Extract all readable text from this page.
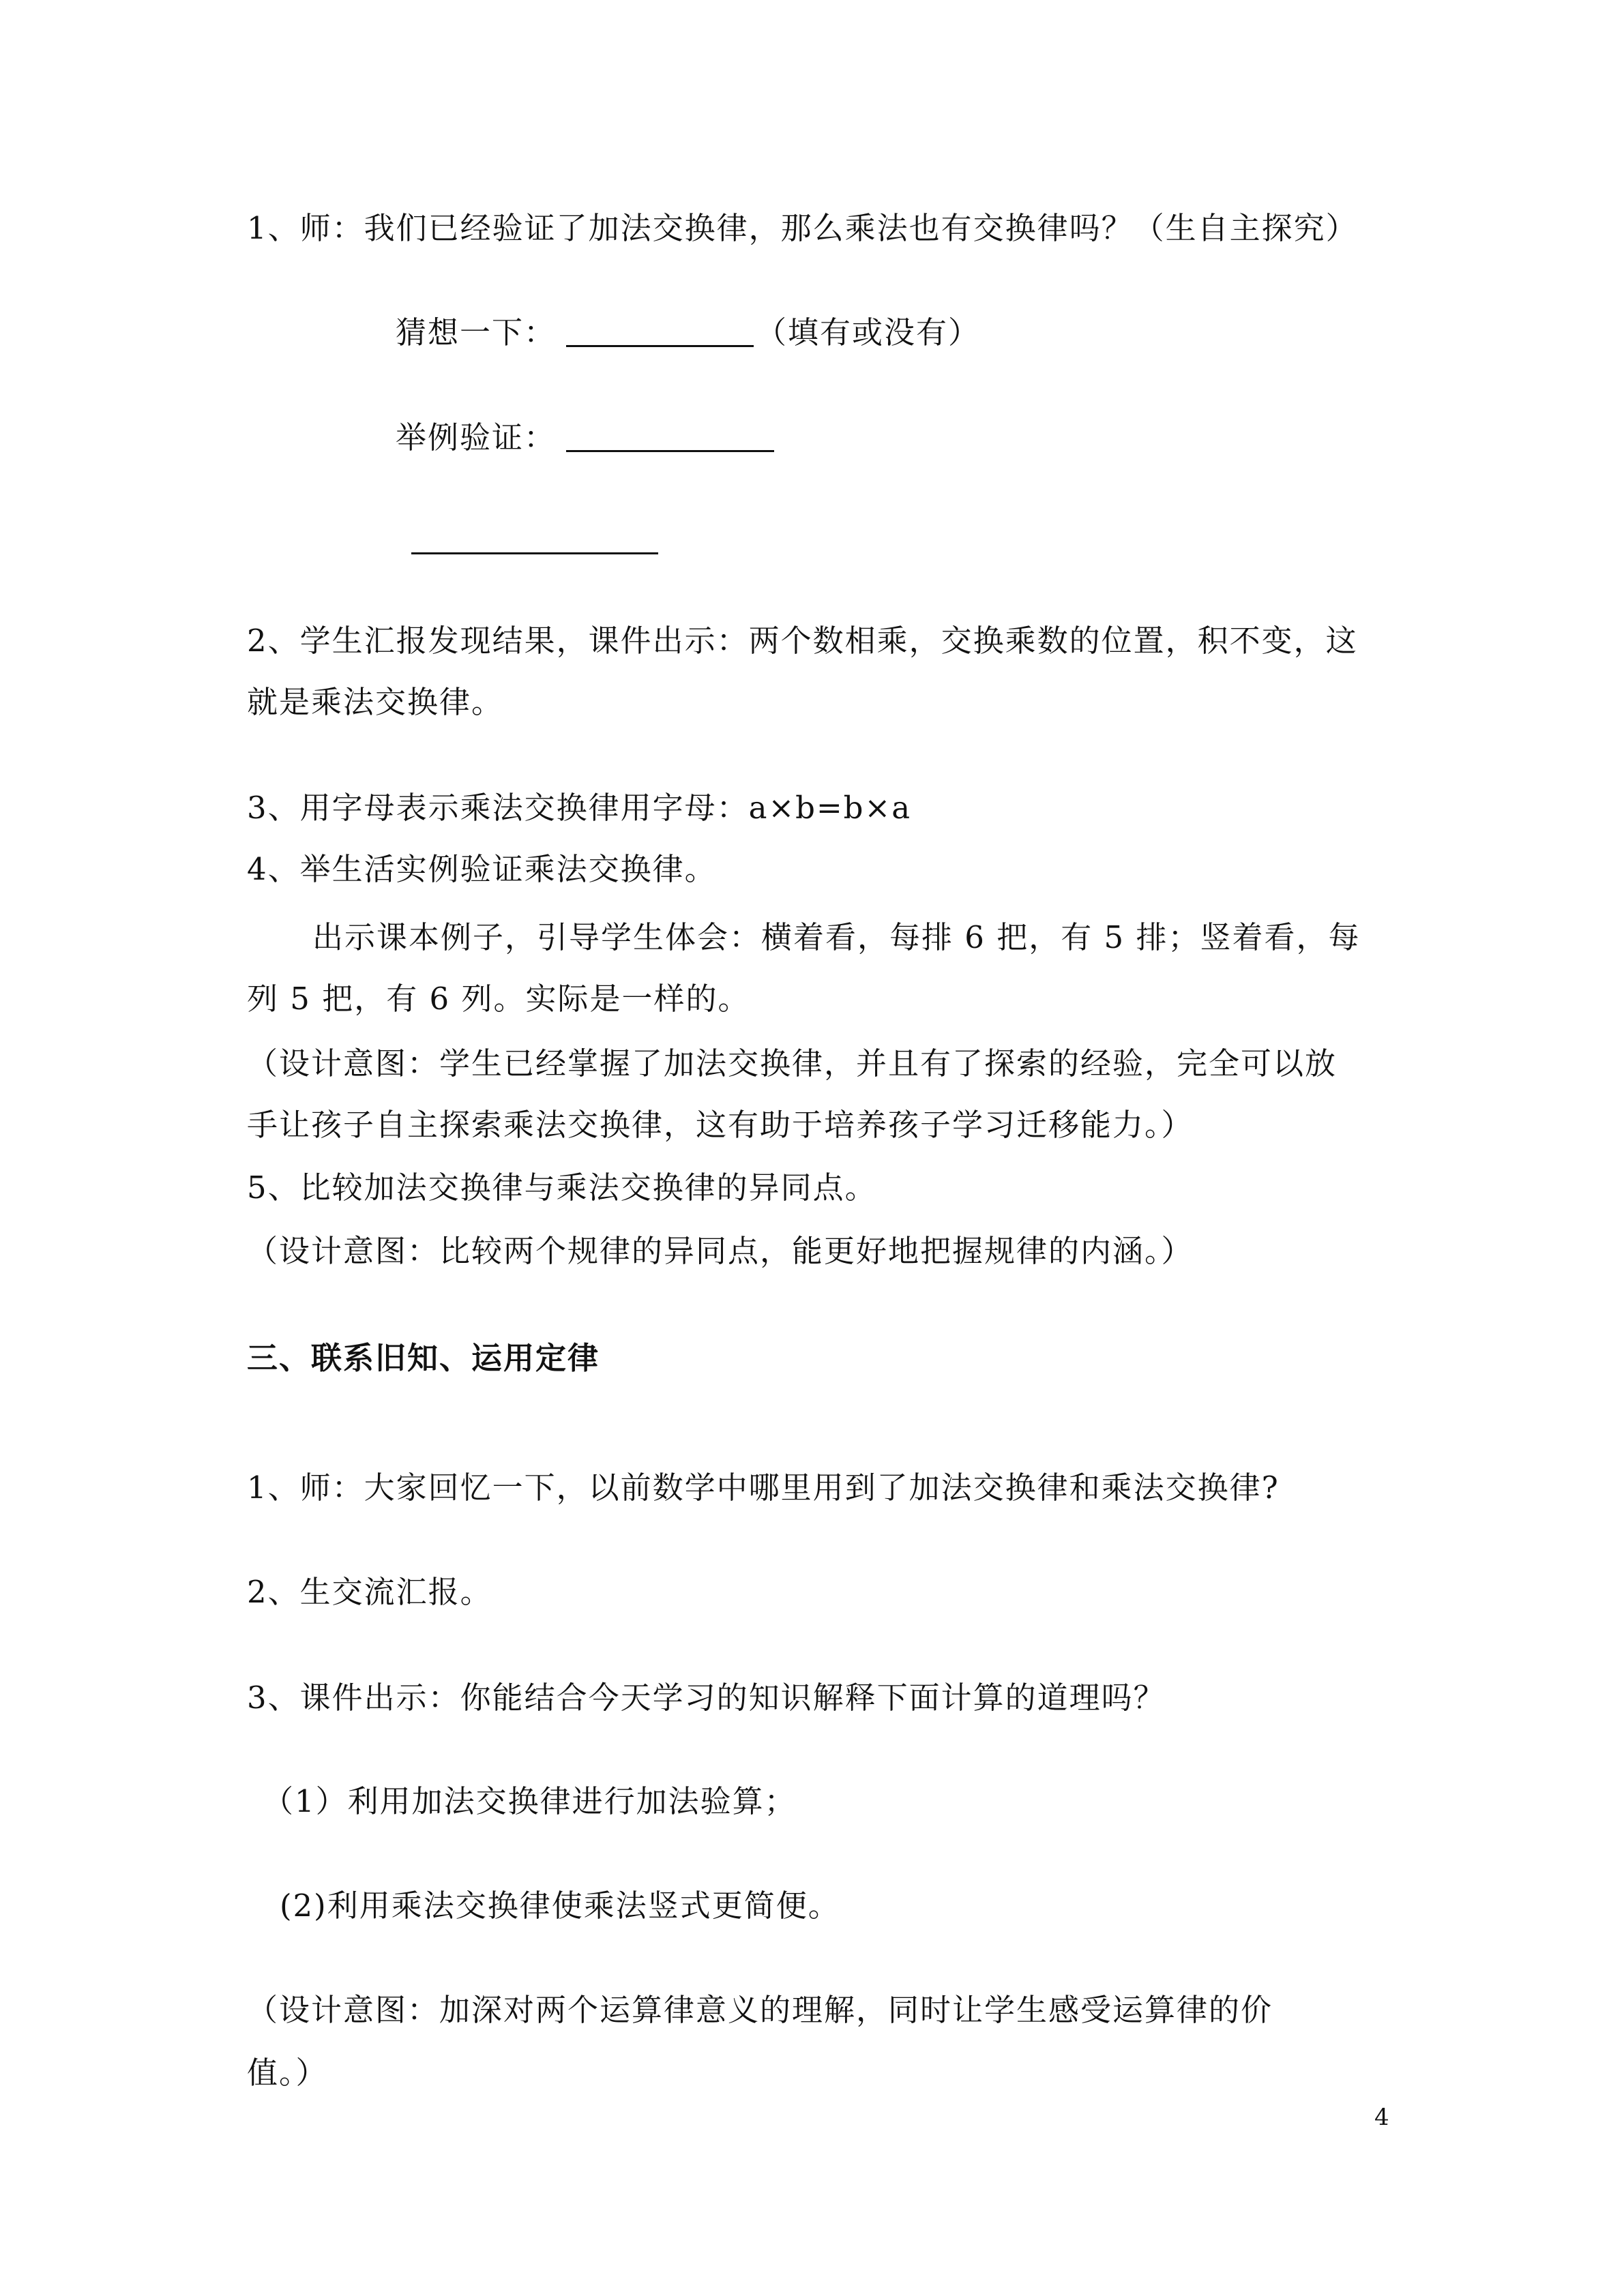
1、师：我们已经验证了加法交换律，那么乘法也有交换律吗？（生自主探究）
猜想一下：	（填有或没有）
举例验证：
2、学生汇报发现结果，课件出示：两个数相乘，交换乘数的位置，积不变，这
就是乘法交换律。
3、用字母表示乘法交换律用字母：a×b=b×a
4、举生活实例验证乘法交换律。
出示课本例子，引导学生体会：横着看，每排 6 把，有 5 排；竖着看，每
列 5 把，有 6 列。实际是一样的。
（设计意图：学生已经掌握了加法交换律，并且有了探索的经验，完全可以放
手让孩子自主探索乘法交换律，这有助于培养孩子学习迁移能力。）
5、比较加法交换律与乘法交换律的异同点。
（设计意图：比较两个规律的异同点，能更好地把握规律的内涵。）
三、联系旧知、运用定律
1、师：大家回忆一下，以前数学中哪里用到了加法交换律和乘法交换律?
2、生交流汇报。
3、课件出示：你能结合今天学习的知识解释下面计算的道理吗？
（1）利用加法交换律进行加法验算；
(2)利用乘法交换律使乘法竖式更简便。
（设计意图：加深对两个运算律意义的理解，同时让学生感受运算律的价
值。）
4
